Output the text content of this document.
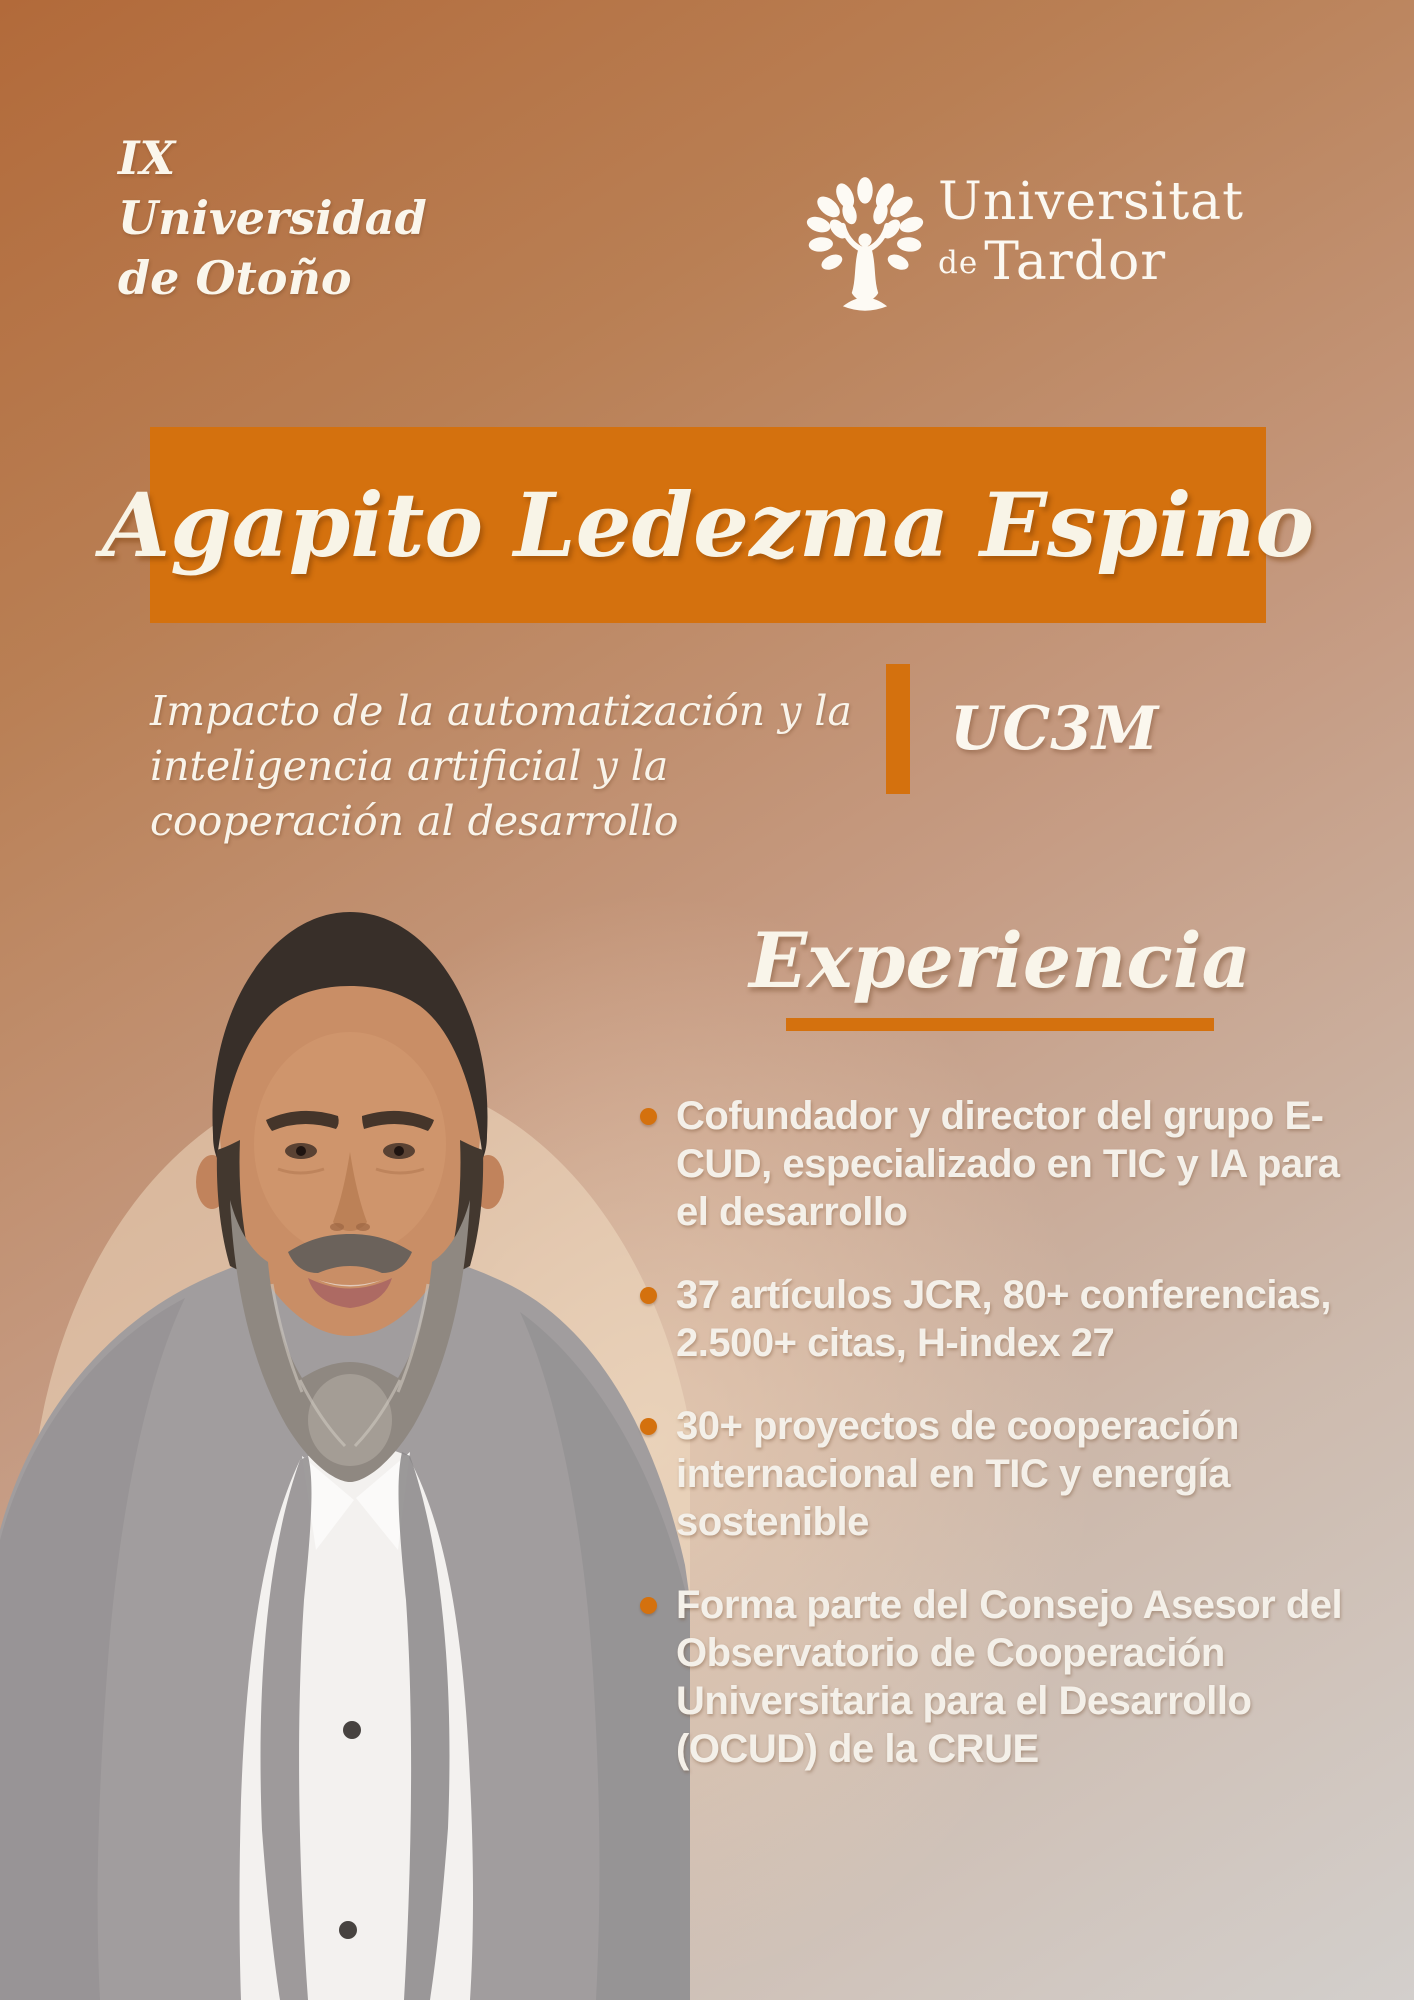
IX
Universidad
de Otoño
Universitat
de Tardor
Agapito Ledezma Espino
Impacto de la automatización y la
inteligencia artificial y la
cooperación al desarrollo
UC3M
Experiencia
Cofundador y director del grupo E-CUD, especializado en TIC y IA para el desarrollo
37 artículos JCR, 80+ conferencias, 2.500+ citas, H-index 27
30+ proyectos de cooperación internacional en TIC y energía sostenible
Forma parte del Consejo Asesor del Observatorio de Cooperación Universitaria para el Desarrollo (OCUD) de la CRUE
